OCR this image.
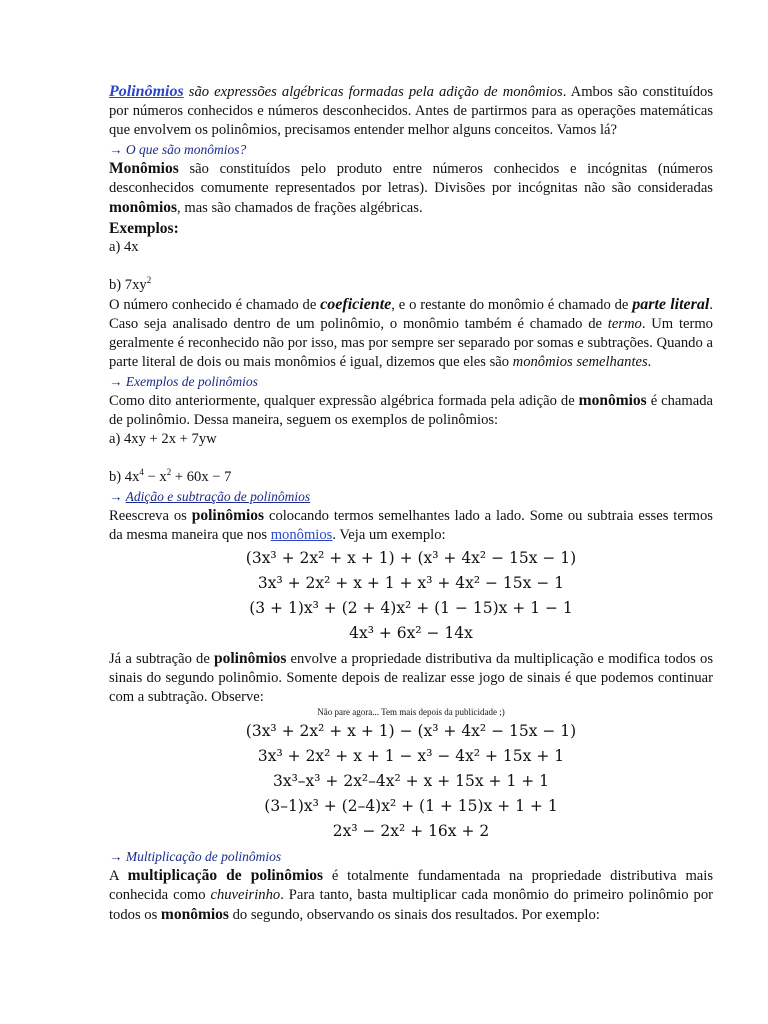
Polinômios são expressões algébricas formadas pela adição de monômios. Ambos são constituídos por números conhecidos e números desconhecidos. Antes de partirmos para as operações matemáticas que envolvem os polinômios, precisamos entender melhor alguns conceitos. Vamos lá?

→ O que são monômios?

Monômios são constituídos pelo produto entre números conhecidos e incógnitas (números desconhecidos comumente representados por letras). Divisões por incógnitas não são consideradas monômios, mas são chamados de frações algébricas.

Exemplos:
a) 4x
b) $7xy^2$

O número conhecido é chamado de coeficiente, e o restante do monômio é chamado de parte literal. Caso seja analisado dentro de um polinômio, o monômio também é chamado de termo. Um termo geralmente é reconhecido não por isso, mas por sempre ser separado por somas e subtrações. Quando a parte literal de dois ou mais monômios é igual, dizemos que eles são monômios semelhantes.

→ Exemplos de polinômios

Como dito anteriormente, qualquer expressão algébrica formada pela adição de monômios é chamada de polinômio. Dessa maneira, seguem os exemplos de polinômios:

a) 4xy + 2x + 7yw
b) $4x^4 - x^2 + 60x - 7$
→ Adição e subtração de polinômios

Reescreva os polinômios colocando termos semelhantes lado a lado. Some ou subtraia esses termos da mesma maneira que nos monômios. Veja um exemplo:

(3x³ + 2x² + x + 1) + (x³ + 4x² − 15x − 1)
3x³ + 2x² + x + 1 + x³ + 4x² − 15x − 1
(3 + 1)x³ + (2 + 4)x² + (1 − 15)x + 1 − 1
4x³ + 6x² − 14x

Já a subtração de polinômios envolve a propriedade distributiva da multiplicação e modifica todos os sinais do segundo polinômio. Somente depois de realizar esse jogo de sinais é que podemos continuar com a subtração. Observe:

Não pare agora... Tem mais depois da publicidade ;)
(3x³ + 2x² + x + 1) − (x³ + 4x² − 15x − 1)
3x³ + 2x² + x + 1 − x³ − 4x² + 15x + 1
3x³–x³ + 2x²–4x² + x + 15x + 1 + 1
(3–1)x³ + (2–4)x² + (1 + 15)x + 1 + 1
2x³ − 2x² + 16x + 2
→ Multiplicação de polinômios

A multiplicação de polinômios é totalmente fundamentada na propriedade distributiva mais conhecida como chuveirinho. Para tanto, basta multiplicar cada monômio do primeiro polinômio por todos os monômios do segundo, observando os sinais dos resultados. Por exemplo:
